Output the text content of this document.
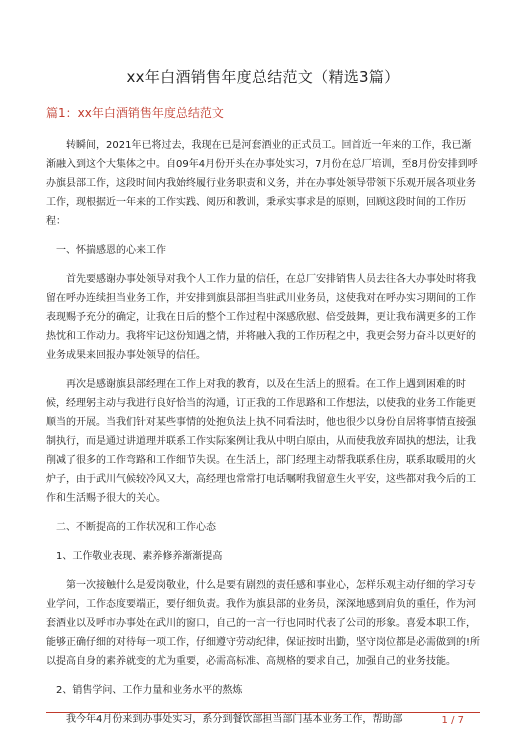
xx年白酒销售年度总结范文（精选3篇）
篇1：xx年白酒销售年度总结范文

转瞬间，2021年已将过去，我现在已是河套酒业的正式员工。回首近一年来的工作，我已渐渐融入到这个大集体之中。自09年4月份开头在办事处实习，7月份在总厂培训，至8月份安排到呼办旗县部工作，这段时间内我始终履行业务职责和义务，并在办事处领导带领下乐观开展各项业务工作，现根据近一年来的工作实践、阅历和教训，秉承实事求是的原则，回顾这段时间的工作历程：

一、怀揣感恩的心来工作

首先要感谢办事处领导对我个人工作力量的信任，在总厂安排销售人员去往各大办事处时将我留在呼办连续担当业务工作，并安排到旗县部担当驻武川业务员，这使我对在呼办实习期间的工作表现赐予充分的确定，让我在日后的整个工作过程中深感欣慰、倍受鼓舞，更让我布满更多的工作热忱和工作动力。我将牢记这份知遇之情，并将融入我的工作历程之中，我更会努力奋斗以更好的业务成果来回报办事处领导的信任。

再次是感谢旗县部经理在工作上对我的教育，以及在生活上的照看。在工作上遇到困难的时候，经理躬主动与我进行良好恰当的沟通，订正我的工作思路和工作想法，以使我的业务工作能更顺当的开展。当我们针对某些事情的处抱负法上执不同看法时，他也很少以身份自居将事情直接强制执行，而是通过讲道理并联系工作实际案例让我从中明白原由，从而使我放弃固执的想法，让我削减了很多的工作弯路和工作细节失误。在生活上，部门经理主动帮我联系住房，联系取暖用的火炉子，由于武川气候较冷风又大，高经理也常常打电话嘱咐我留意生火平安，这些都对我今后的工作和生活赐予很大的关心。

二、不断提高的工作状况和工作心态

1、工作敬业表现、素养修养渐渐提高

第一次接触什么是爱岗敬业，什么是要有剧烈的责任感和事业心，怎样乐观主动仔细的学习专业学问，工作态度要端正，要仔细负责。我作为旗县部的业务员，深深地感到肩负的重任，作为河套酒业以及呼市办事处在武川的窗口，自己的一言一行也同时代表了公司的形象。喜爱本职工作，能够正确仔细的对待每一项工作，仔细遵守劳动纪律，保证按时出勤，坚守岗位都是必需做到的!所以提高自身的素养就变的尤为重要，必需高标准、高规格的要求自己，加强自己的业务技能。

2、销售学问、工作力量和业务水平的熬炼

我今年4月份来到办事处实习，系分到餐饮部担当部门基本业务工作，帮助部	1 / 7
